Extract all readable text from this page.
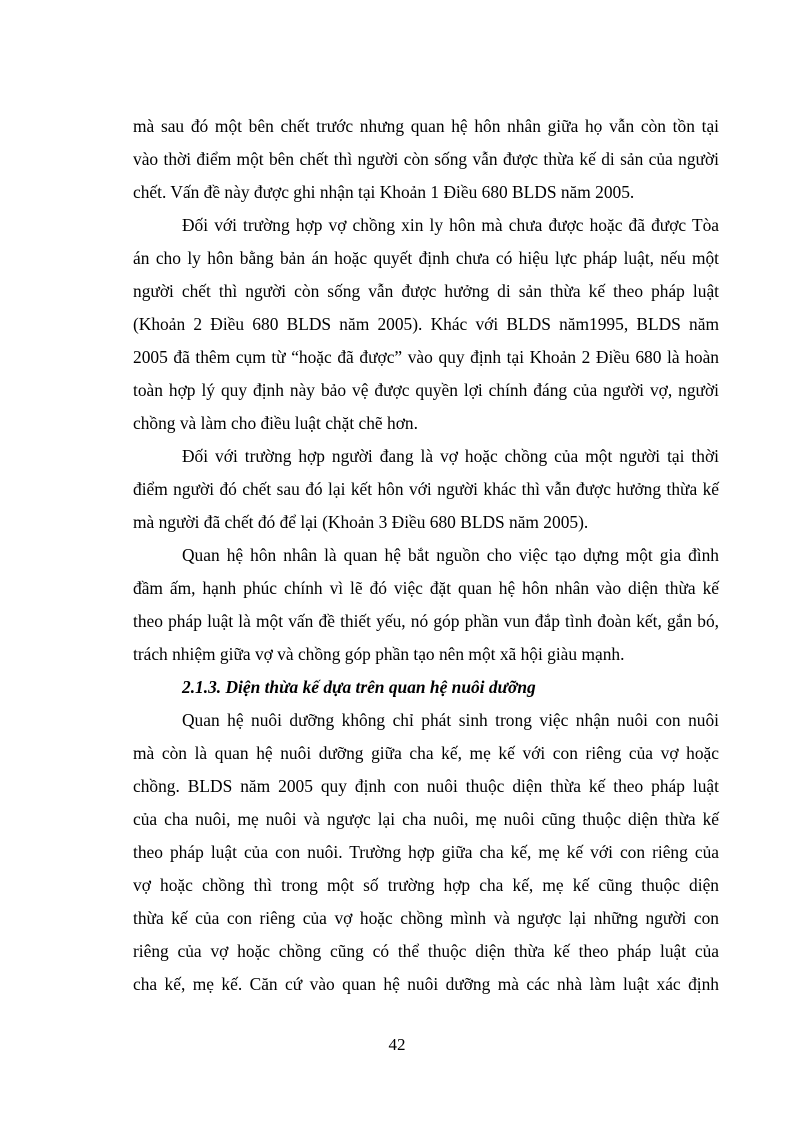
mà sau đó một bên chết trước nhưng quan hệ hôn nhân giữa họ vẫn còn tồn tại
vào thời điểm một bên chết thì người còn sống vẫn được thừa kế di sản của người
chết. Vấn đề này được ghi nhận tại Khoản 1 Điều 680 BLDS năm 2005.
Đối với trường hợp vợ chồng xin ly hôn mà chưa được hoặc đã được Tòa
án cho ly hôn bằng bản án hoặc quyết định chưa có hiệu lực pháp luật, nếu một
người chết thì người còn sống vẫn được hưởng di sản thừa kế theo pháp luật
(Khoản 2 Điều 680 BLDS năm 2005). Khác với BLDS năm1995, BLDS năm
2005 đã thêm cụm từ “hoặc đã được” vào quy định tại Khoản 2 Điều 680 là hoàn
toàn hợp lý quy định này bảo vệ được quyền lợi chính đáng của người vợ, người
chồng và làm cho điều luật chặt chẽ hơn.
Đối với trường hợp người đang là vợ hoặc chồng của một người tại thời
điểm người đó chết sau đó lại kết hôn với người khác thì vẫn được hưởng thừa kế
mà người đã chết đó để lại (Khoản 3 Điều 680 BLDS năm 2005).
Quan hệ hôn nhân là quan hệ bắt nguồn cho việc tạo dựng một gia đình
đầm ấm, hạnh phúc chính vì lẽ đó việc đặt quan hệ hôn nhân vào diện thừa kế
theo pháp luật là một vấn đề thiết yếu, nó góp phần vun đắp tình đoàn kết, gắn bó,
trách nhiệm giữa vợ và chồng góp phần tạo nên một xã hội giàu mạnh.
2.1.3. Diện thừa kế dựa trên quan hệ nuôi dưỡng
Quan hệ nuôi dưỡng không chỉ phát sinh trong việc nhận nuôi con nuôi
mà còn là quan hệ nuôi dưỡng giữa cha kế, mẹ kế với con riêng của vợ hoặc
chồng. BLDS năm 2005 quy định con nuôi thuộc diện thừa kế theo pháp luật
của cha nuôi, mẹ nuôi và ngược lại cha nuôi, mẹ nuôi cũng thuộc diện thừa kế
theo pháp luật của con nuôi. Trường hợp giữa cha kế, mẹ kế với con riêng của
vợ hoặc chồng thì trong một số trường hợp cha kế, mẹ kế cũng thuộc diện
thừa kế của con riêng của vợ hoặc chồng mình và ngược lại những người con
riêng của vợ hoặc chồng cũng có thể thuộc diện thừa kế theo pháp luật của
cha kế, mẹ kế. Căn cứ vào quan hệ nuôi dưỡng mà các nhà làm luật xác định
42
